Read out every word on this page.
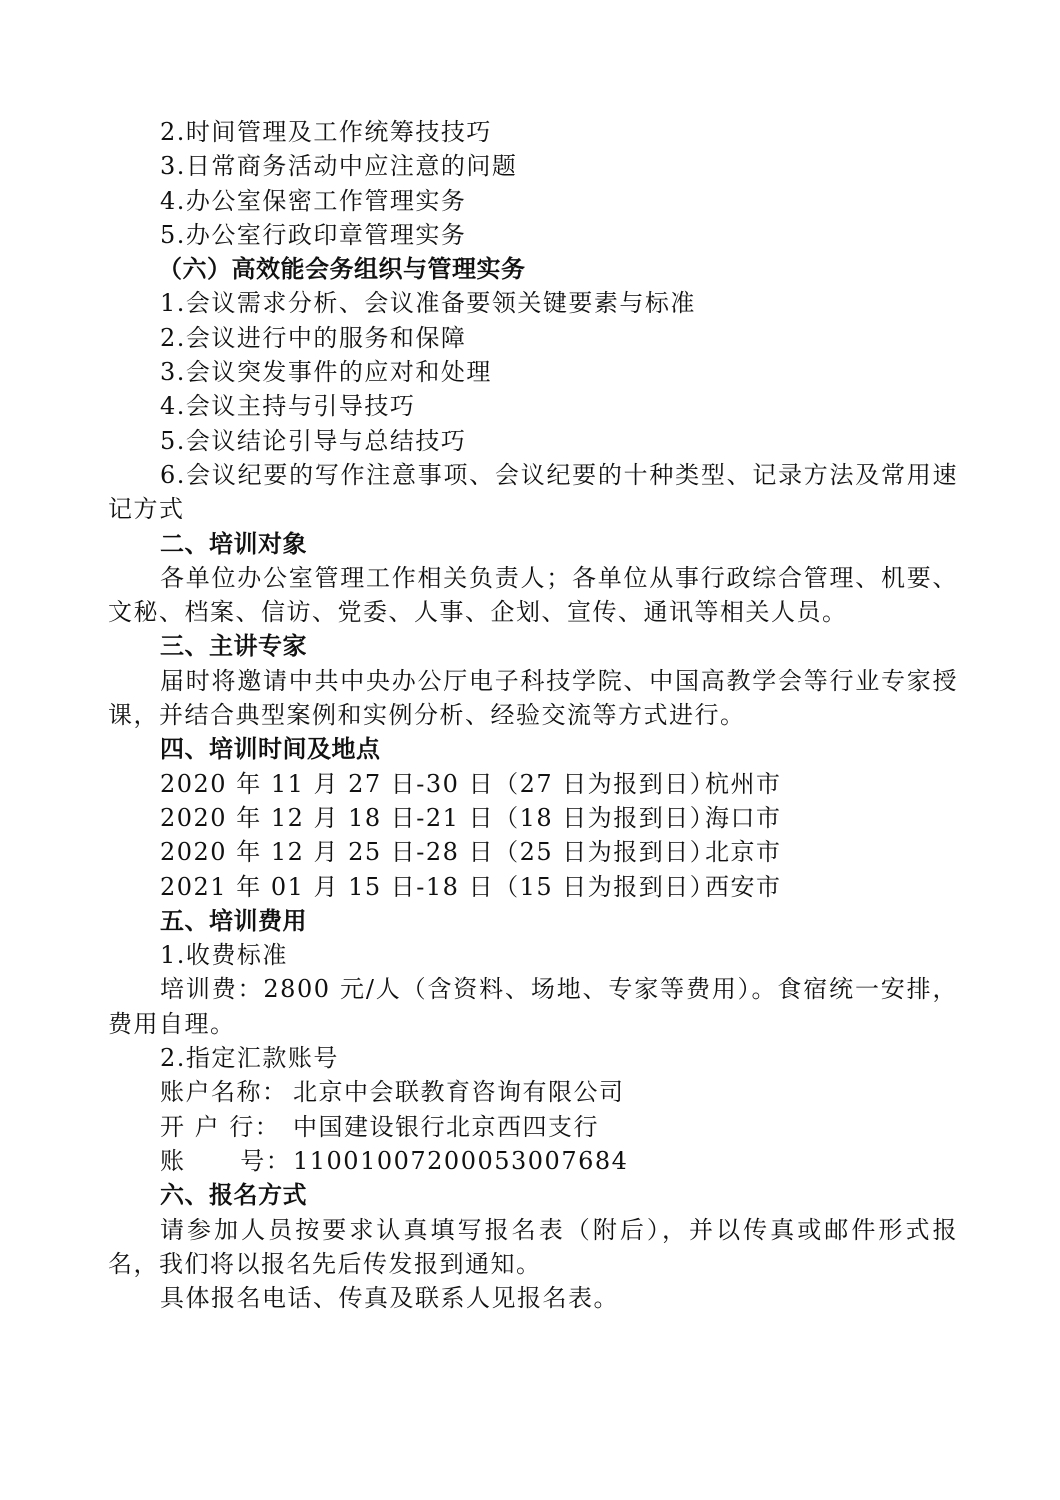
2.时间管理及工作统筹技技巧
3.日常商务活动中应注意的问题
4.办公室保密工作管理实务
5.办公室行政印章管理实务
（六）高效能会务组织与管理实务
1.会议需求分析、会议准备要领关键要素与标准
2.会议进行中的服务和保障
3.会议突发事件的应对和处理
4.会议主持与引导技巧
5.会议结论引导与总结技巧
6.会议纪要的写作注意事项、会议纪要的十种类型、记录方法及常用速记方式
二、培训对象
各单位办公室管理工作相关负责人；各单位从事行政综合管理、机要、文秘、档案、信访、党委、人事、企划、宣传、通讯等相关人员。
三、主讲专家
届时将邀请中共中央办公厅电子科技学院、中国高教学会等行业专家授课，并结合典型案例和实例分析、经验交流等方式进行。
四、培训时间及地点
2020 年 11 月 27 日-30 日（27 日为报到日）
杭州市
2020 年 12 月 18 日-21 日（18 日为报到日）
海口市
2020 年 12 月 25 日-28 日（25 日为报到日）
北京市
2021 年 01 月 15 日-18 日（15 日为报到日）
西安市
五、培训费用
1.收费标准
培训费：2800 元/人（含资料、场地、专家等费用）。食宿统一安排，费用自理。
2.指定汇款账号
账户名称： 北京中会联教育咨询有限公司
开 户 行： 中国建设银行北京西四支行
账      号： 11001007200053007684
六、报名方式
请参加人员按要求认真填写报名表（附后），并以传真或邮件形式报名，我们将以报名先后传发报到通知。
具体报名电话、传真及联系人见报名表。
